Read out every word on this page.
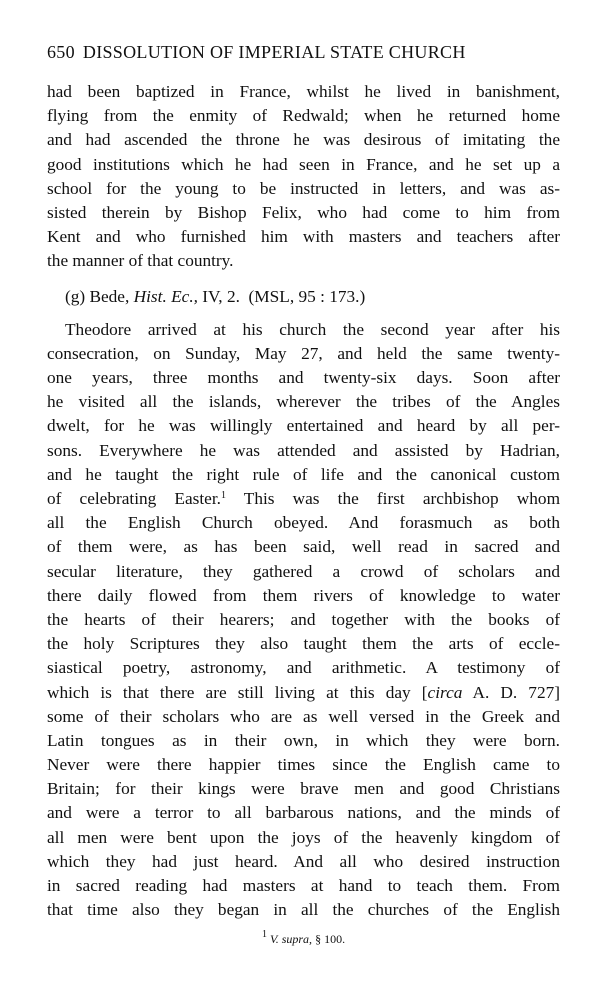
650 DISSOLUTION OF IMPERIAL STATE CHURCH
had been baptized in France, whilst he lived in banishment,
flying from the enmity of Redwald; when he returned home
and had ascended the throne he was desirous of imitating the
good institutions which he had seen in France, and he set up a
school for the young to be instructed in letters, and was as-
sisted therein by Bishop Felix, who had come to him from
Kent and who furnished him with masters and teachers after
the manner of that country.

(g) Bede, Hist. Ec., IV, 2. (MSL, 95 : 173.)

Theodore arrived at his church the second year after his
consecration, on Sunday, May 27, and held the same twenty-
one years, three months and twenty-six days. Soon after
he visited all the islands, wherever the tribes of the Angles
dwelt, for he was willingly entertained and heard by all per-
sons. Everywhere he was attended and assisted by Hadrian,
and he taught the right rule of life and the canonical custom
of celebrating Easter.$^1$ This was the first archbishop whom
all the English Church obeyed. And forasmuch as both
of them were, as has been said, well read in sacred and
secular literature, they gathered a crowd of scholars and
there daily flowed from them rivers of knowledge to water
the hearts of their hearers; and together with the books of
the holy Scriptures they also taught them the arts of eccle-
siastical poetry, astronomy, and arithmetic. A testimony of
which is that there are still living at this day [circa A. D. 727]
some of their scholars who are as well versed in the Greek and
Latin tongues as in their own, in which they were born.
Never were there happier times since the English came to
Britain; for their kings were brave men and good Christians
and were a terror to all barbarous nations, and the minds of
all men were bent upon the joys of the heavenly kingdom of
which they had just heard. And all who desired instruction
in sacred reading had masters at hand to teach them. From
that time also they began in all the churches of the English
$^1$ V. supra, § 100.
